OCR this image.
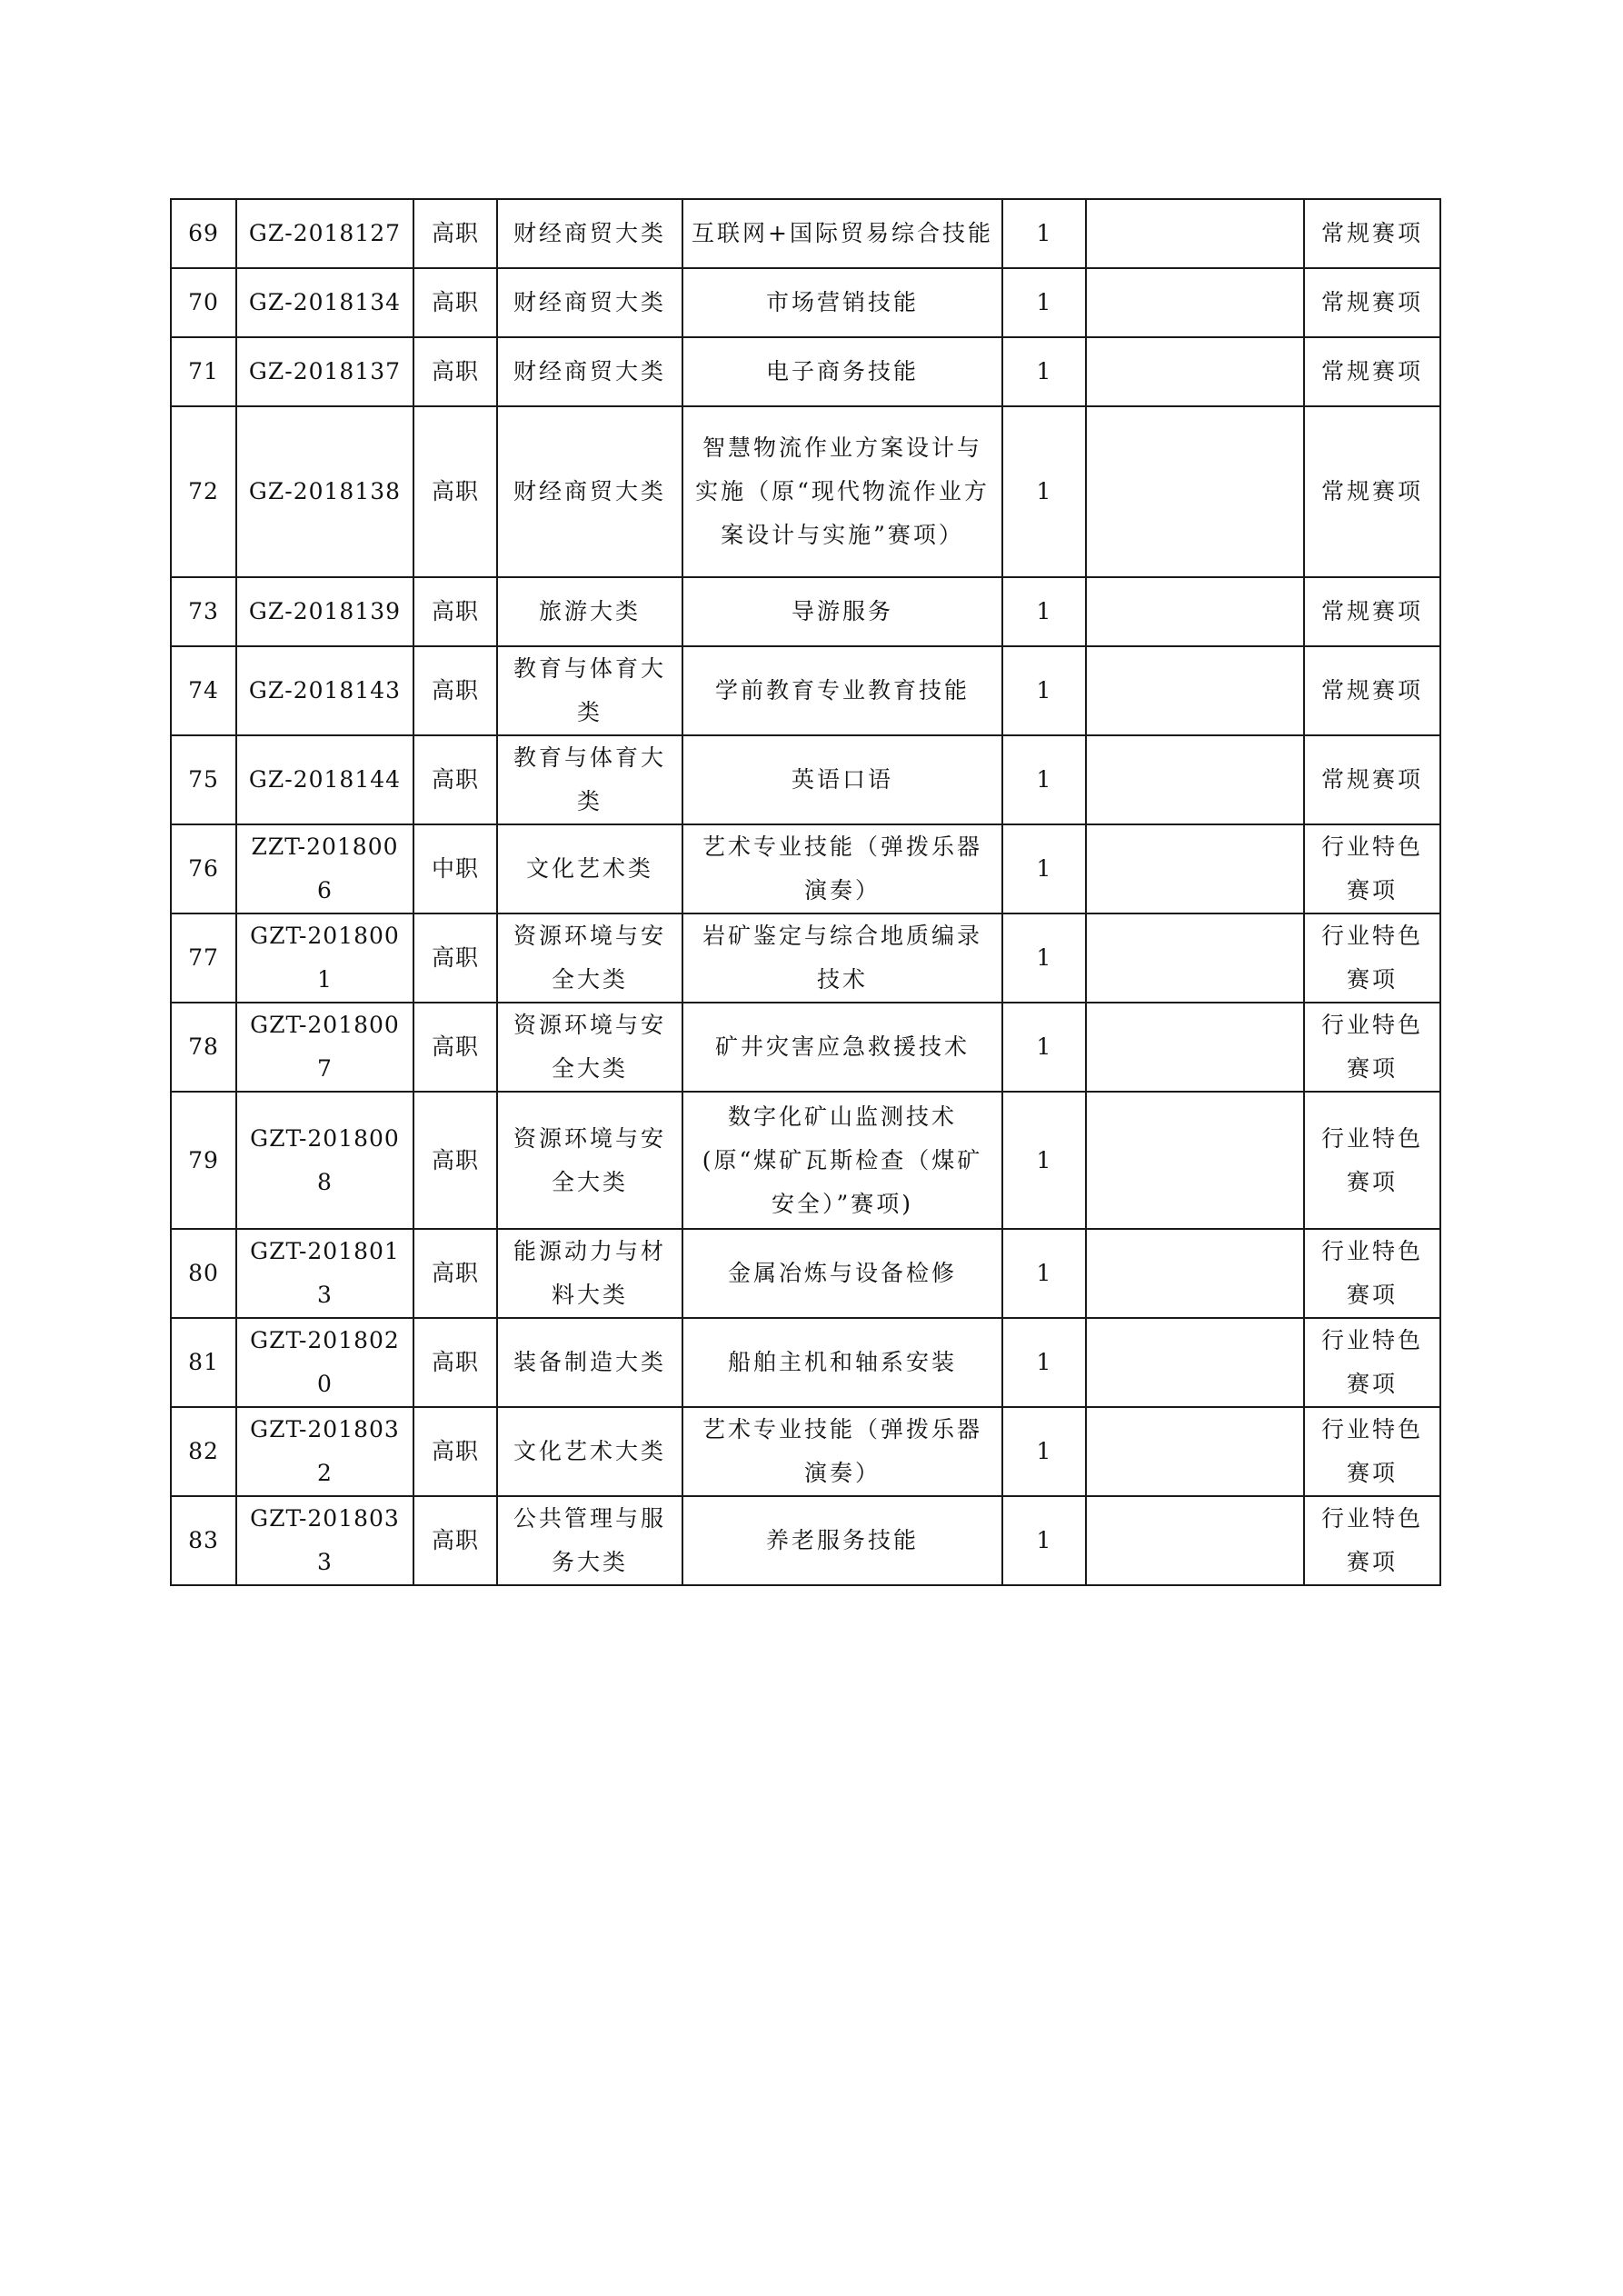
69	GZ-2018127	高职	财经商贸大类	互联网+国际贸易综合技能	1		常规赛项
70	GZ-2018134	高职	财经商贸大类	市场营销技能	1		常规赛项
71	GZ-2018137	高职	财经商贸大类	电子商务技能	1		常规赛项
72	GZ-2018138	高职	财经商贸大类	智慧物流作业方案设计与实施（原“现代物流作业方案设计与实施”赛项）	1		常规赛项
73	GZ-2018139	高职	旅游大类	导游服务	1		常规赛项
74	GZ-2018143	高职	教育与体育大类	学前教育专业教育技能	1		常规赛项
75	GZ-2018144	高职	教育与体育大类	英语口语	1		常规赛项
76	ZZT-2018006	中职	文化艺术类	艺术专业技能（弹拨乐器演奏）	1		行业特色赛项
77	GZT-2018001	高职	资源环境与安全大类	岩矿鉴定与综合地质编录技术	1		行业特色赛项
78	GZT-2018007	高职	资源环境与安全大类	矿井灾害应急救援技术	1		行业特色赛项
79	GZT-2018008	高职	资源环境与安全大类	数字化矿山监测技术(原“煤矿瓦斯检查（煤矿安全）”赛项)	1		行业特色赛项
80	GZT-2018013	高职	能源动力与材料大类	金属冶炼与设备检修	1		行业特色赛项
81	GZT-2018020	高职	装备制造大类	船舶主机和轴系安装	1		行业特色赛项
82	GZT-2018032	高职	文化艺术大类	艺术专业技能（弹拨乐器演奏）	1		行业特色赛项
83	GZT-2018033	高职	公共管理与服务大类	养老服务技能	1		行业特色赛项
